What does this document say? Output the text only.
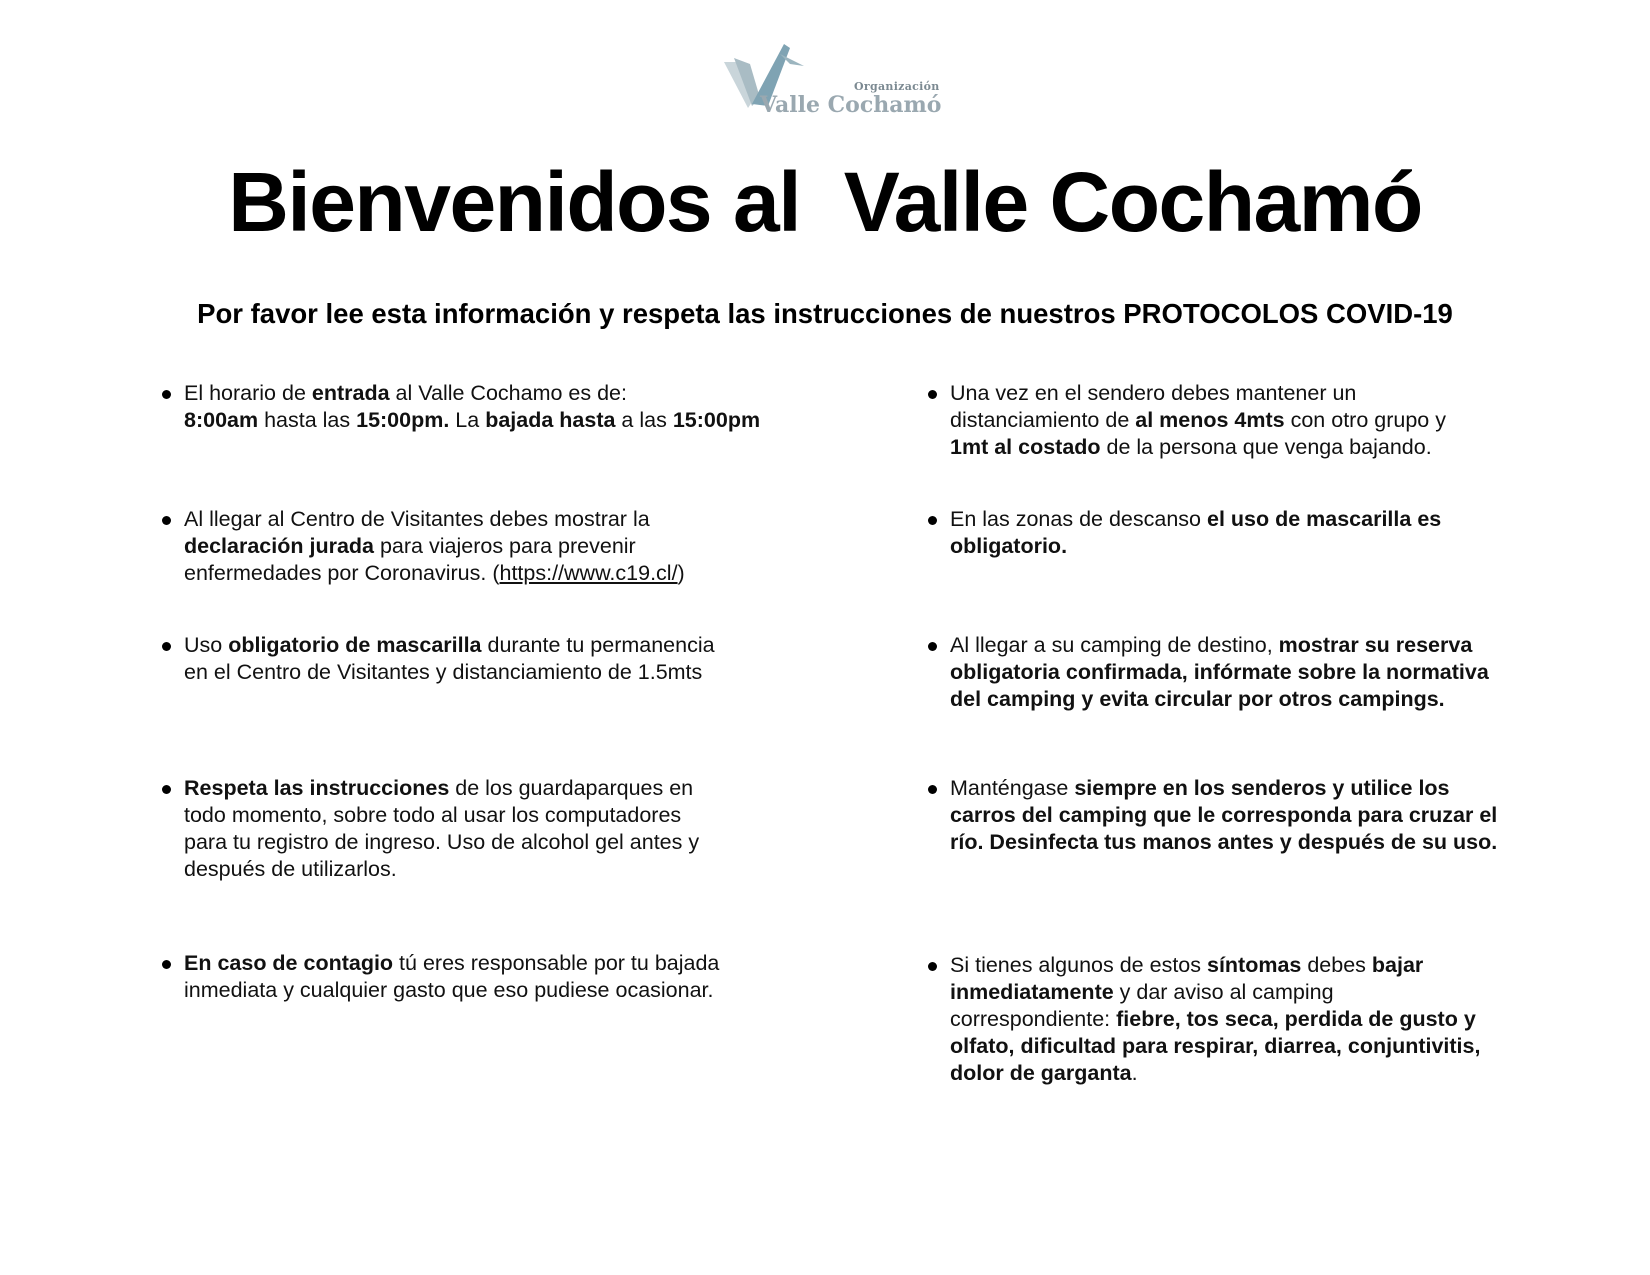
Organización
Valle Cochamó
Bienvenidos al  Valle Cochamó
Por favor lee esta información y respeta las instrucciones de nuestros PROTOCOLOS COVID-19
El horario de entrada al Valle Cochamo es de:
8:00am hasta las 15:00pm. La bajada hasta a las 15:00pm
Al llegar al Centro de Visitantes debes mostrar la
declaración jurada para viajeros para prevenir
enfermedades por Coronavirus. (https://www.c19.cl/)
Uso obligatorio de mascarilla durante tu permanencia
en el Centro de Visitantes y distanciamiento de 1.5mts
Respeta las instrucciones de los guardaparques en
todo momento, sobre todo al usar los computadores
para tu registro de ingreso. Uso de alcohol gel antes y
después de utilizarlos.
En caso de contagio tú eres responsable por tu bajada
inmediata y cualquier gasto que eso pudiese ocasionar.
Una vez en el sendero debes mantener un
distanciamiento de al menos 4mts con otro grupo y
1mt al costado de la persona que venga bajando.
En las zonas de descanso el uso de mascarilla es
obligatorio.
Al llegar a su camping de destino, mostrar su reserva
obligatoria confirmada, infórmate sobre la normativa
del camping y evita circular por otros campings.
Manténgase siempre en los senderos y utilice los
carros del camping que le corresponda para cruzar el
río. Desinfecta tus manos antes y después de su uso.
Si tienes algunos de estos síntomas debes bajar
inmediatamente y dar aviso al camping
correspondiente: fiebre, tos seca, perdida de gusto y
olfato, dificultad para respirar, diarrea, conjuntivitis,
dolor de garganta.
